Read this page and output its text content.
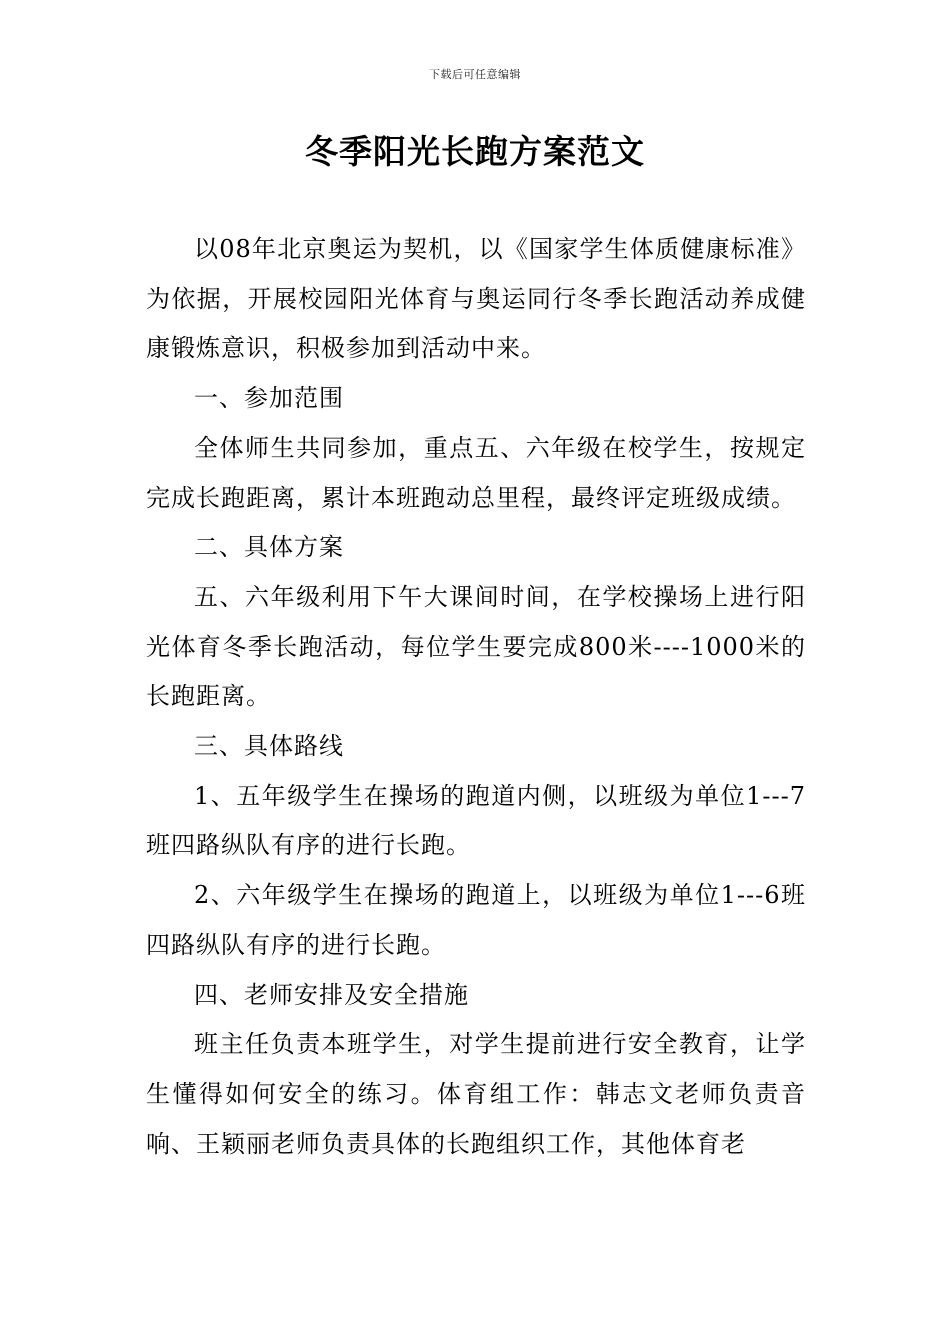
下载后可任意编辑
冬季阳光长跑方案范文

以08年北京奥运为契机，以《国家学生体质健康标准》为依据，开展校园阳光体育与奥运同行冬季长跑活动养成健康锻炼意识，积极参加到活动中来。

一、参加范围

全体师生共同参加，重点五、六年级在校学生，按规定完成长跑距离，累计本班跑动总里程，最终评定班级成绩。

二、具体方案

五、六年级利用下午大课间时间，在学校操场上进行阳光体育冬季长跑活动，每位学生要完成800米----1000米的长跑距离。

三、具体路线

1、五年级学生在操场的跑道内侧，以班级为单位1---7班四路纵队有序的进行长跑。

2、六年级学生在操场的跑道上，以班级为单位1---6班四路纵队有序的进行长跑。

四、老师安排及安全措施

班主任负责本班学生，对学生提前进行安全教育，让学生懂得如何安全的练习。体育组工作：韩志文老师负责音响、王颖丽老师负责具体的长跑组织工作，其他体育老
